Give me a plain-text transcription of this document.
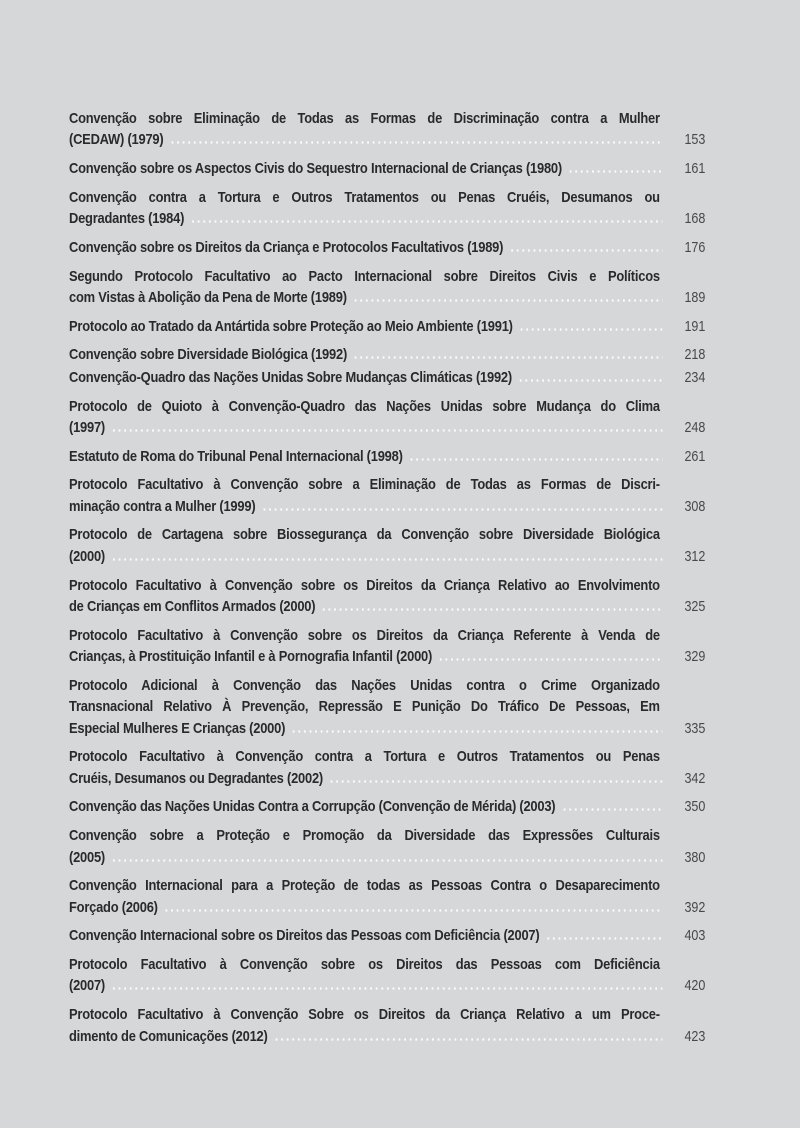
Convenção sobre Eliminação de Todas as Formas de Discriminação contra a Mulher
(CEDAW) (1979)	153
Convenção sobre os Aspectos Civis do Sequestro Internacional de Crianças (1980)	161
Convenção contra a Tortura e Outros Tratamentos ou Penas Cruéis, Desumanos ou
Degradantes (1984)	168
Convenção sobre os Direitos da Criança e Protocolos Facultativos (1989)	176
Segundo Protocolo Facultativo ao Pacto Internacional sobre Direitos Civis e Políticos
com Vistas à Abolição da Pena de Morte (1989)	189
Protocolo ao Tratado da Antártida sobre Proteção ao Meio Ambiente (1991)	191
Convenção sobre Diversidade Biológica (1992)	218
Convenção-Quadro das Nações Unidas Sobre Mudanças Climáticas (1992)	234
Protocolo de Quioto à Convenção-Quadro das Nações Unidas sobre Mudança do Clima
(1997)	248
Estatuto de Roma do Tribunal Penal Internacional (1998)	261
Protocolo Facultativo à Convenção sobre a Eliminação de Todas as Formas de Discri-
minação contra a Mulher (1999)	308
Protocolo de Cartagena sobre Biossegurança da Convenção sobre Diversidade Biológica
(2000)	312
Protocolo Facultativo à Convenção sobre os Direitos da Criança Relativo ao Envolvimento
de Crianças em Conflitos Armados (2000)	325
Protocolo Facultativo à Convenção sobre os Direitos da Criança Referente à Venda de
Crianças, à Prostituição Infantil e à Pornografia Infantil (2000)	329
Protocolo Adicional à Convenção das Nações Unidas contra o Crime Organizado
Transnacional Relativo À Prevenção, Repressão E Punição Do Tráfico De Pessoas, Em
Especial Mulheres E Crianças (2000)	335
Protocolo Facultativo à Convenção contra a Tortura e Outros Tratamentos ou Penas
Cruéis, Desumanos ou Degradantes (2002)	342
Convenção das Nações Unidas Contra a Corrupção (Convenção de Mérida) (2003)	350
Convenção sobre a Proteção e Promoção da Diversidade das Expressões Culturais
(2005)	380
Convenção Internacional para a Proteção de todas as Pessoas Contra o Desaparecimento
Forçado (2006)	392
Convenção Internacional sobre os Direitos das Pessoas com Deficiência (2007)	403
Protocolo Facultativo à Convenção sobre os Direitos das Pessoas com Deficiência
(2007)	420
Protocolo Facultativo à Convenção Sobre os Direitos da Criança Relativo a um Proce-
dimento de Comunicações (2012)	423
